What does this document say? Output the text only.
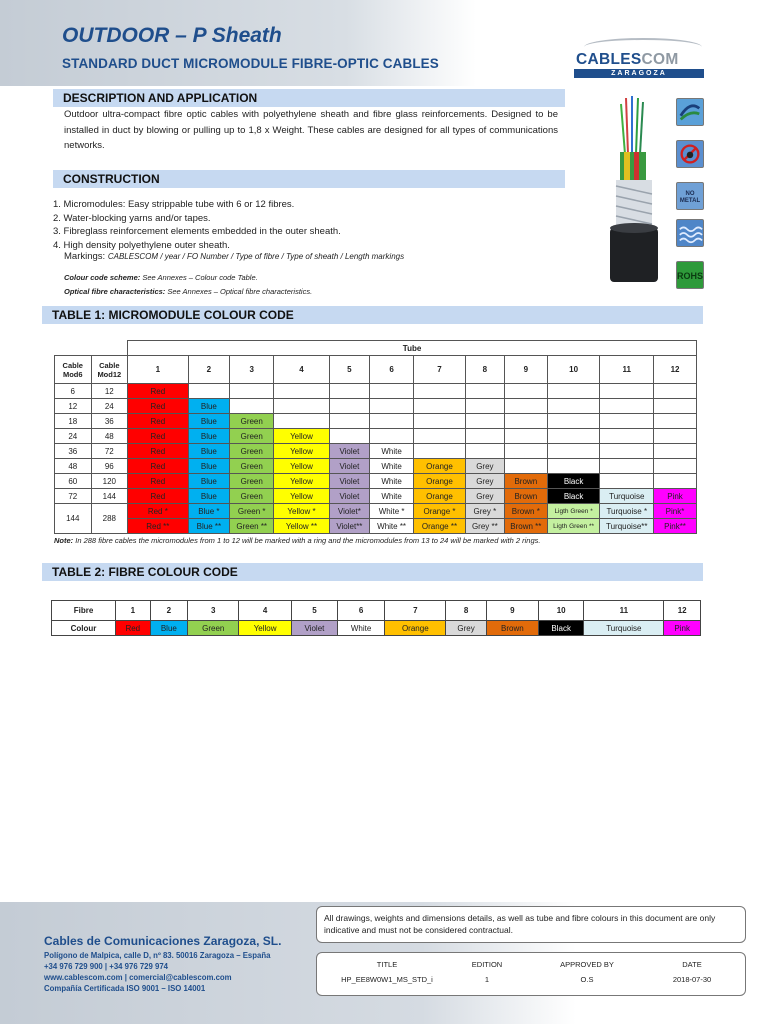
OUTDOOR – P Sheath
STANDARD DUCT MICROMODULE FIBRE-OPTIC CABLES	CABLESCOM
ZARAGOZA
DESCRIPTION AND APPLICATION
Outdoor ultra-compact fibre optic cables with polyethylene sheath and fibre glass reinforcements. Designed to be installed in duct by blowing or pulling up to 1,8 x Weight. These cables are designed for all types of communications networks.
CONSTRUCTION
1. Micromodules: Easy strippable tube with 6 or 12 fibres.
2. Water-blocking yarns and/or tapes.
3. Fibreglass reinforcement elements embedded in the outer sheath.
4. High density polyethylene outer sheath.
Markings: CABLESCOM / year / FO Number / Type of fibre / Type of sheath / Length markings
Colour code scheme: See Annexes – Colour code Table.
Optical fibre characteristics: See Annexes – Optical fibre characteristics.

NO METAL
ROHS
TABLE 1: MICROMODULE COLOUR CODE
		Tube											
Cable
Mod6	Cable
Mod12	1	2	3	4	5	6	7	8	9	10	11	12
6	12	Red											
12	24	Red	Blue										
18	36	Red	Blue	Green									
24	48	Red	Blue	Green	Yellow								
36	72	Red	Blue	Green	Yellow	Violet	White						
48	96	Red	Blue	Green	Yellow	Violet	White	Orange	Grey				
60	120	Red	Blue	Green	Yellow	Violet	White	Orange	Grey	Brown	Black		
72	144	Red	Blue	Green	Yellow	Violet	White	Orange	Grey	Brown	Black	Turquoise	Pink
144	288	Red *	Blue *	Green *	Yellow *	Violet*	White *	Orange *	Grey *	Brown *	Ligth Green *	Turquoise *	Pink*
		Red **	Blue **	Green **	Yellow **	Violet**	White **	Orange **	Grey **	Brown **	Ligth Green **	Turquoise**	Pink**
Note: In 288 fibre cables the micromodules from 1 to 12 will be marked with a ring and the micromodules from 13 to 24 will be marked with 2 rings.
TABLE 2: FIBRE COLOUR CODE
Fibre	1	2	3	4	5	6	7	8	9	10	11	12
Colour	Red	Blue	Green	Yellow	Violet	White	Orange	Grey	Brown	Black	Turquoise	Pink
Cables de Comunicaciones Zaragoza, SL.
Polígono de Malpica, calle D, nº 83. 50016 Zaragoza – España
+34 976 729 900 | +34 976 729 974
www.cablescom.com | comercial@cablescom.com
Compañía Certificada ISO 9001 – ISO 14001
All drawings, weights and dimensions details, as well as tube and fibre colours in this document are only indicative and must not be considered contractual.
TITLE
HP_EE8W0W1_MS_STD_i
EDITION
1
APPROVED BY
O.S
DATE
2018-07-30
